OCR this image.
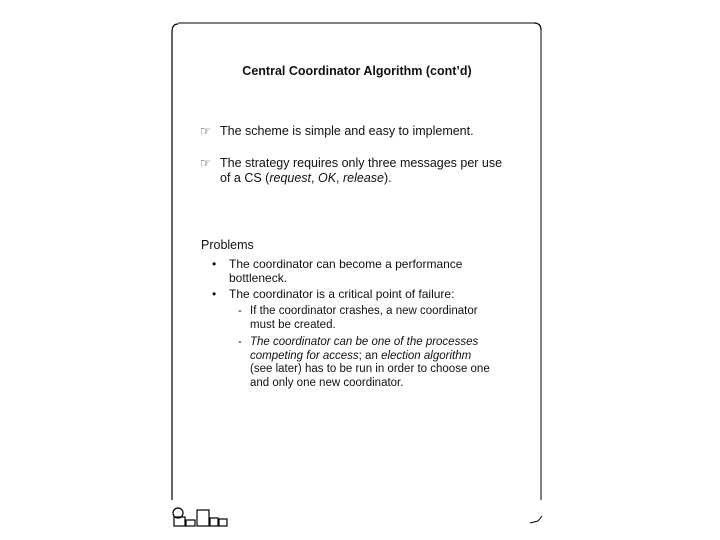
Central Coordinator Algorithm (cont’d)
☞ The scheme is simple and easy to implement.
☞ The strategy requires only three messages per use
of a CS (request, OK, release).
Problems
• The coordinator can become a performance
bottleneck.
• The coordinator is a critical point of failure:
- If the coordinator crashes, a new coordinator
must be created.
- The coordinator can be one of the processes
competing for access; an election algorithm
(see later) has to be run in order to choose one
and only one new coordinator.
